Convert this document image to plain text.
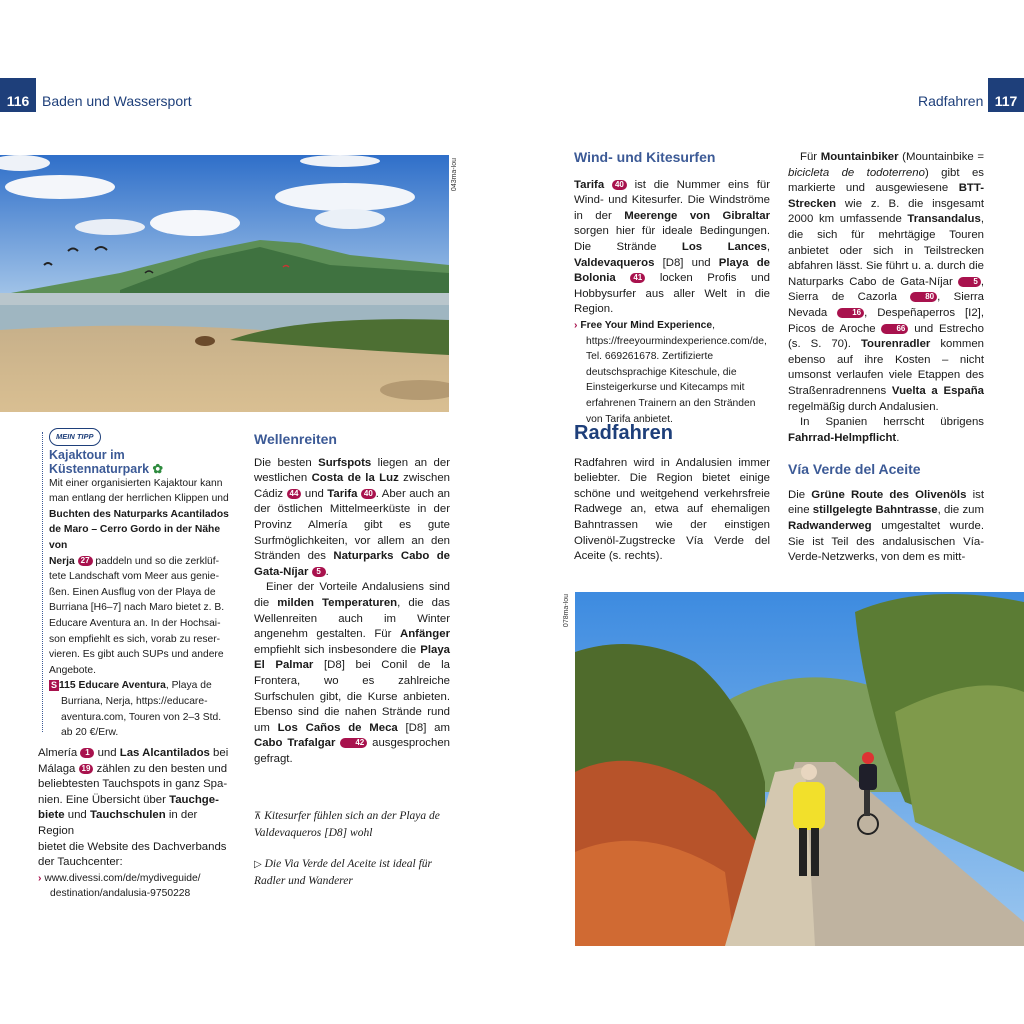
116 Baden und Wassersport	Radfahren 117
043ma-lou
MEIN TIPP
Kajaktour im
Küstennaturpark ✿
Mit einer organisierten Kajaktour kann
man entlang der herrlichen Klippen und
Buchten des Naturparks Acantilados
de Maro – Cerro Gordo in der Nähe von
Nerja 27 paddeln und so die zerklüf-
tete Landschaft vom Meer aus genie-
ßen. Einen Ausflug von der Playa de
Burriana [H6–7] nach Maro bietet z. B.
Educare Aventura an. In der Hochsai-
son empfiehlt es sich, vorab zu reser-
vieren. Es gibt auch SUPs und andere
Angebote.
S 115 Educare Aventura, Playa de
Burriana, Nerja, https://educare-
aventura.com, Touren von 2–3 Std.
ab 20 €/Erw.
Almería 1 und Las Alcantilados bei
Málaga 19 zählen zu den besten und
beliebtesten Tauchspots in ganz Spa-
nien. Eine Übersicht über Tauchge-
biete und Tauchschulen in der Region
bietet die Website des Dachverbands
der Tauchcenter:
› www.divessi.com/de/mydiveguide/
destination/andalusia-9750228
Wellenreiten

Die besten Surfspots liegen an der westlichen Costa de la Luz zwischen Cádiz 44 und Tarifa 40 . Aber auch an der östlichen Mittelmeerküste in der Provinz Almería gibt es gute Surfmöglichkeiten, vor allem an den Stränden des Naturparks Cabo de Gata-Níjar 5 .

Einer der Vorteile Andalusiens sind die milden Temperaturen, die das Wellenreiten auch im Winter angenehm gestalten. Für Anfänger empfiehlt sich insbesondere die Playa El Palmar [D8] bei Conil de la Frontera, wo es zahlreiche Surfschulen gibt, die Kurse anbieten. Ebenso sind die nahen Strände rund um Los Caños de Meca [D8] am Cabo Trafalgar 42 ausgesprochen gefragt.

⊼ Kitesurfer fühlen sich an der Playa de Valdevaqueros [D8] wohl
▷ Die Via Verde del Aceite ist ideal für Radler und Wanderer
Wind- und Kitesurfen

Tarifa 40 ist die Nummer eins für Wind- und Kitesurfer. Die Windströme in der Meerenge von Gibraltar sorgen hier für ideale Bedingungen. Die Strände Los Lances, Valdevaqueros [D8] und Playa de Bolonia 41 locken Profis und Hobbysurfer aus aller Welt in die Region.

› Free Your Mind Experience, https://freeyourmindexperience.com/de, Tel. 669261678. Zertifizierte deutschsprachige Kiteschule, die Einsteigerkurse und Kitecamps mit erfahrenen Trainern an den Stränden von Tarifa anbietet.

Radfahren

Radfahren wird in Andalusien immer beliebter. Die Region bietet einige schöne und weitgehend verkehrsfreie Radwege an, etwa auf ehemaligen Bahntrassen wie der einstigen Olivenöl-Zugstrecke Vía Verde del Aceite (s. rechts).

Für Mountainbiker (Mountainbike = bicicleta de todoterreno) gibt es markierte und ausgewiesene BTT-Strecken wie z. B. die insgesamt 2000 km umfassende Transandalus, die sich für mehrtägige Touren anbietet oder sich in Teilstrecken abfahren lässt. Sie führt u. a. durch die Naturparks Cabo de Gata-Níjar	5 , Sierra de Cazorla	80 , Sierra Nevada	16 , Despeñaperros [I2], Picos de Aroche	66 und Estrecho (s. S. 70). Tourenradler kommen ebenso auf ihre Kosten – nicht umsonst verlaufen viele Etappen des Straßenradrennens Vuelta a España regelmäßig durch Andalusien.

In Spanien herrscht übrigens Fahrrad-Helmpflicht.

Vía Verde del Aceite

Die Grüne Route des Olivenöls ist eine stillgelegte Bahntrasse, die zum Radwanderweg umgestaltet wurde. Sie ist Teil des andalusischen Vía-Verde-Netzwerks, von dem es mitt-

078ma-lou
